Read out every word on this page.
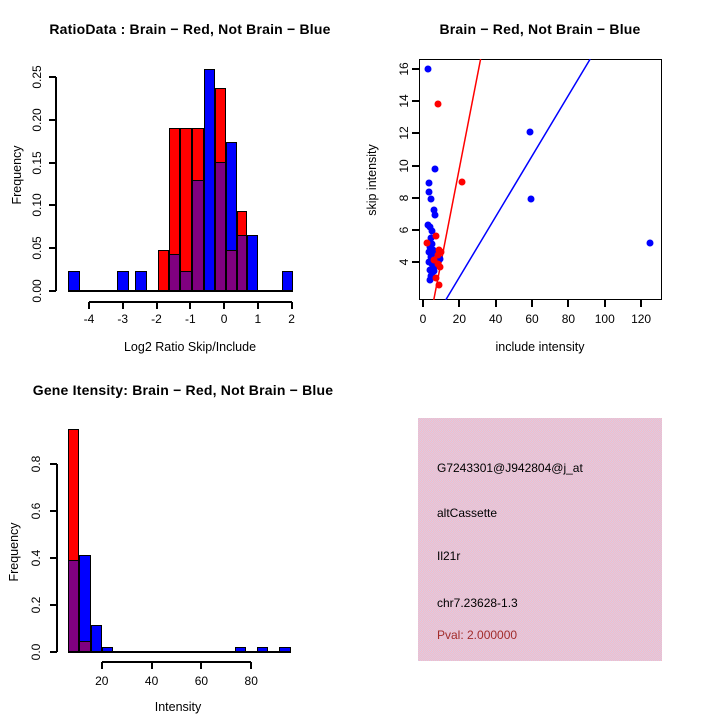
RatioData : Brain − Red, Not Brain − Blue
Log2 Ratio Skip/Include
Frequency
Brain − Red, Not Brain − Blue
include intensity
skip intensity
Gene Itensity: Brain − Red, Not Brain − Blue
Intensity
Frequency
G7243301@J942804@j_at
altCassette
Il21r
chr7.23628-1.3
Pval: 2.000000
-4 -3 -2 -1 0 1 2
0.00
0.05
0.10
0.15
0.20
0.25
0 20 40 60 80 100 120
4
6
8
10
12
14
16
20	40	60	80
0.0
0.2
0.4
0.6
0.8
